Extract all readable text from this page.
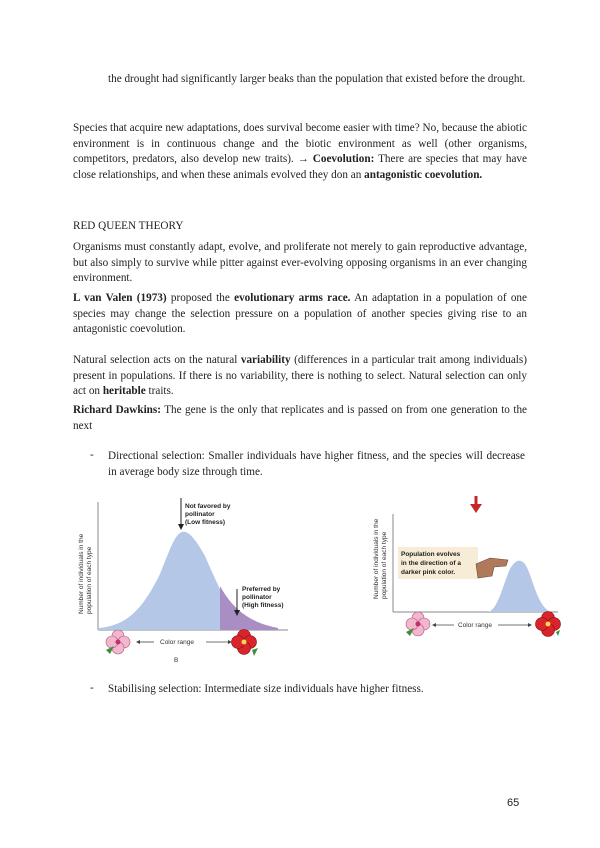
the drought had significantly larger beaks than the population that existed before the drought.

Species that acquire new adaptations, does survival become easier with time? No, because the abiotic environment is in continuous change and the biotic environment as well (other organisms, competitors, predators, also develop new traits). → Coevolution: There are species that may have close relationships, and when these animals evolved they don an antagonistic coevolution.

RED QUEEN THEORY

Organisms must constantly adapt, evolve, and proliferate not merely to gain reproductive advantage, but also simply to survive while pitter against ever-evolving opposing organisms in an ever changing environment.

L van Valen (1973) proposed the evolutionary arms race. An adaptation in a population of one species may change the selection pressure on a population of another species giving rise to an antagonistic coevolution.

Natural selection acts on the natural variability (differences in a particular trait among individuals) present in populations. If there is no variability, there is nothing to select. Natural selection can only act on heritable traits.

Richard Dawkins: The gene is the only that replicates and is passed on from one generation to the next

- Directional selection: Smaller individuals have higher fitness, and the species will decrease in average body size through time.

Number of individuals in the population of each type
Not favored by
pollinator
(Low fitness)
Preferred by
pollinator
(High fitness)
Color range
B
Number of individuals in the population of each type Population evolves
in the direction of a
darker pink color.
Color range
- Stabilising selection: Intermediate size individuals have higher fitness.

65
